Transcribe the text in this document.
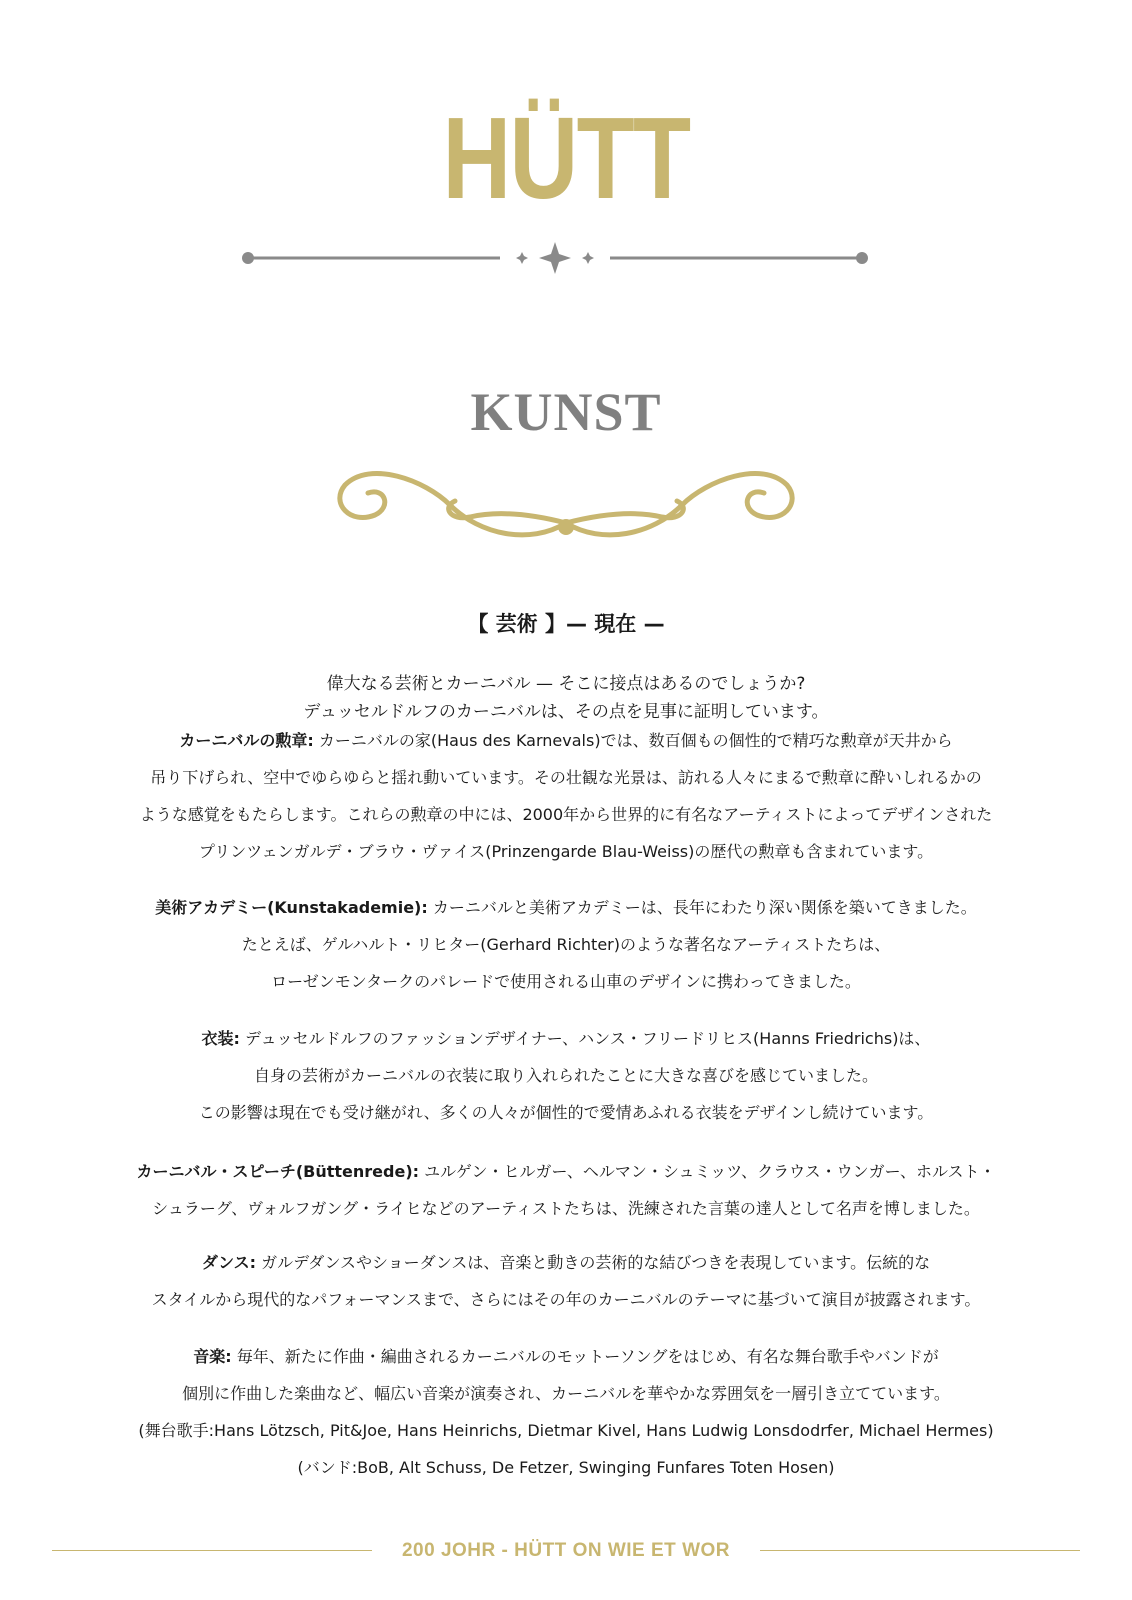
HÜTT
KUNST
【 芸術 】— 現在 —
偉大なる芸術とカーニバル — そこに接点はあるのでしょうか?
デュッセルドルフのカーニバルは、その点を見事に証明しています。
カーニバルの勲章: カーニバルの家(Haus des Karnevals)では、数百個もの個性的で精巧な勲章が天井から
吊り下げられ、空中でゆらゆらと揺れ動いています。その壮観な光景は、訪れる人々にまるで勲章に酔いしれるかの
ような感覚をもたらします。これらの勲章の中には、2000年から世界的に有名なアーティストによってデザインされた
プリンツェンガルデ・ブラウ・ヴァイス(Prinzengarde Blau-Weiss)の歴代の勲章も含まれています。
美術アカデミー(Kunstakademie): カーニバルと美術アカデミーは、長年にわたり深い関係を築いてきました。
たとえば、ゲルハルト・リヒター(Gerhard Richter)のような著名なアーティストたちは、
ローゼンモンタークのパレードで使用される山車のデザインに携わってきました。
衣装: デュッセルドルフのファッションデザイナー、ハンス・フリードリヒス(Hanns Friedrichs)は、
自身の芸術がカーニバルの衣装に取り入れられたことに大きな喜びを感じていました。
この影響は現在でも受け継がれ、多くの人々が個性的で愛情あふれる衣装をデザインし続けています。
カーニバル・スピーチ(Büttenrede): ユルゲン・ヒルガー、ヘルマン・シュミッツ、クラウス・ウンガー、ホルスト・
シュラーグ、ヴォルフガング・ライヒなどのアーティストたちは、洗練された言葉の達人として名声を博しました。
ダンス: ガルデダンスやショーダンスは、音楽と動きの芸術的な結びつきを表現しています。伝統的な
スタイルから現代的なパフォーマンスまで、さらにはその年のカーニバルのテーマに基づいて演目が披露されます。
音楽: 毎年、新たに作曲・編曲されるカーニバルのモットーソングをはじめ、有名な舞台歌手やバンドが
個別に作曲した楽曲など、幅広い音楽が演奏され、カーニバルを華やかな雰囲気を一層引き立てています。
(舞台歌手:Hans Lötzsch, Pit&Joe, Hans Heinrichs, Dietmar Kivel, Hans Ludwig Lonsdodrfer, Michael Hermes)
(バンド:BoB, Alt Schuss, De Fetzer, Swinging Funfares Toten Hosen)
200 JOHR - HÜTT ON WIE ET WOR
